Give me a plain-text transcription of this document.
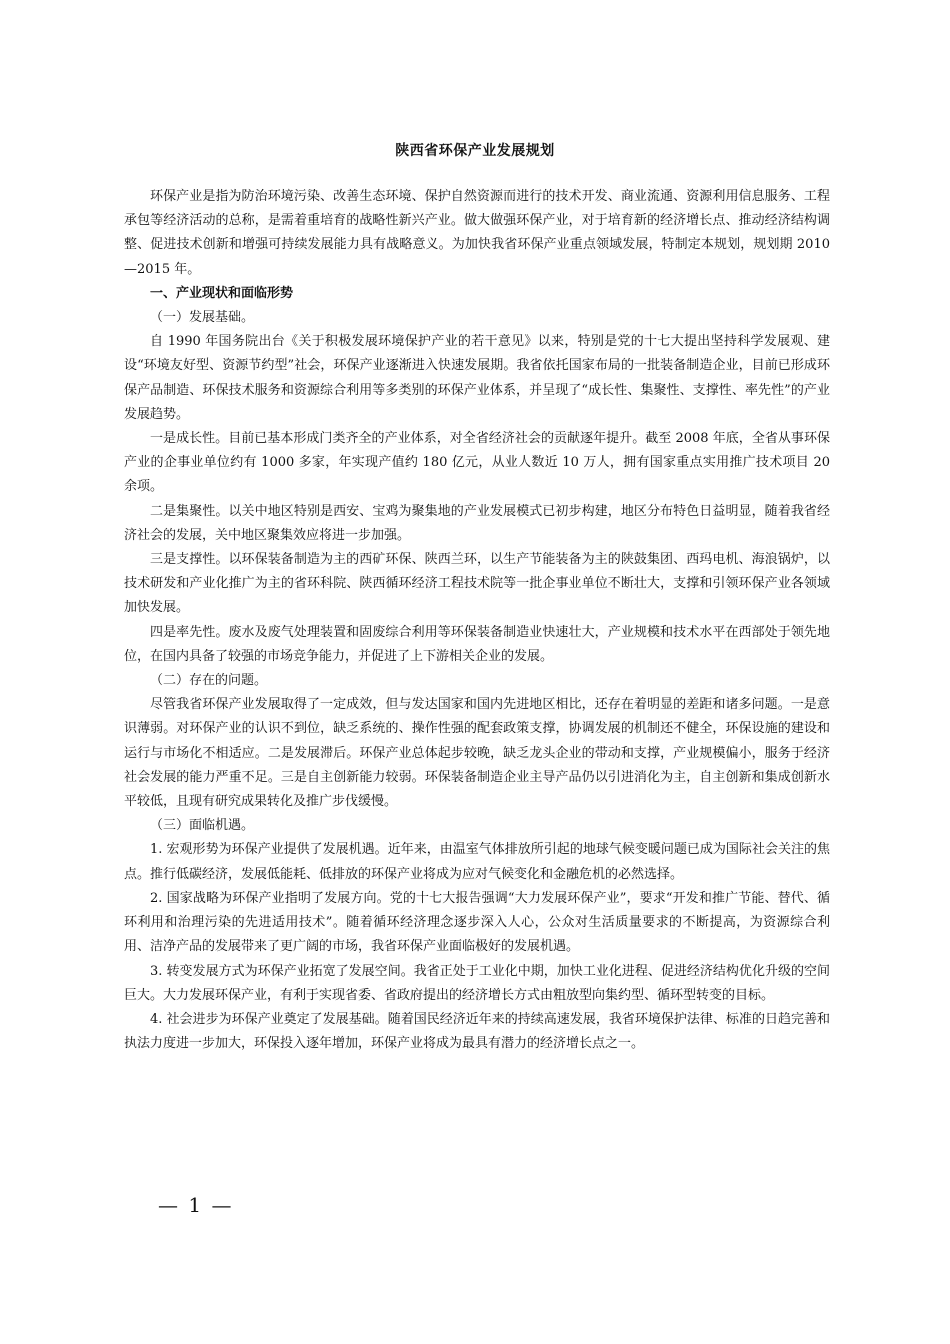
陕西省环保产业发展规划

环保产业是指为防治环境污染、改善生态环境、保护自然资源而进行的技术开发、商业流通、资源利用信息服务、工程承包等经济活动的总称，是需着重培育的战略性新兴产业。做大做强环保产业，对于培育新的经济增长点、推动经济结构调整、促进技术创新和增强可持续发展能力具有战略意义。为加快我省环保产业重点领域发展，特制定本规划，规划期 2010—2015 年。

一、产业现状和面临形势

（一）发展基础。

自 1990 年国务院出台《关于积极发展环境保护产业的若干意见》以来，特别是党的十七大提出坚持科学发展观、建设“环境友好型、资源节约型”社会，环保产业逐渐进入快速发展期。我省依托国家布局的一批装备制造企业，目前已形成环保产品制造、环保技术服务和资源综合利用等多类别的环保产业体系，并呈现了“成长性、集聚性、支撑性、率先性”的产业发展趋势。

一是成长性。目前已基本形成门类齐全的产业体系，对全省经济社会的贡献逐年提升。截至 2008 年底，全省从事环保产业的企事业单位约有 1000 多家，年实现产值约 180 亿元，从业人数近 10 万人，拥有国家重点实用推广技术项目 20 余项。

二是集聚性。以关中地区特别是西安、宝鸡为聚集地的产业发展模式已初步构建，地区分布特色日益明显，随着我省经济社会的发展，关中地区聚集效应将进一步加强。

三是支撑性。以环保装备制造为主的西矿环保、陕西兰环，以生产节能装备为主的陕鼓集团、西玛电机、海浪锅炉，以技术研发和产业化推广为主的省环科院、陕西循环经济工程技术院等一批企事业单位不断壮大，支撑和引领环保产业各领域加快发展。

四是率先性。废水及废气处理装置和固废综合利用等环保装备制造业快速壮大，产业规模和技术水平在西部处于领先地位，在国内具备了较强的市场竞争能力，并促进了上下游相关企业的发展。

（二）存在的问题。

尽管我省环保产业发展取得了一定成效，但与发达国家和国内先进地区相比，还存在着明显的差距和诸多问题。一是意识薄弱。对环保产业的认识不到位，缺乏系统的、操作性强的配套政策支撑，协调发展的机制还不健全，环保设施的建设和运行与市场化不相适应。二是发展滞后。环保产业总体起步较晚，缺乏龙头企业的带动和支撑，产业规模偏小，服务于经济社会发展的能力严重不足。三是自主创新能力较弱。环保装备制造企业主导产品仍以引进消化为主，自主创新和集成创新水平较低，且现有研究成果转化及推广步伐缓慢。

（三）面临机遇。

1. 宏观形势为环保产业提供了发展机遇。近年来，由温室气体排放所引起的地球气候变暖问题已成为国际社会关注的焦点。推行低碳经济，发展低能耗、低排放的环保产业将成为应对气候变化和金融危机的必然选择。

2. 国家战略为环保产业指明了发展方向。党的十七大报告强调“大力发展环保产业”，要求“开发和推广节能、替代、循环利用和治理污染的先进适用技术”。随着循环经济理念逐步深入人心，公众对生活质量要求的不断提高，为资源综合利用、洁净产品的发展带来了更广阔的市场，我省环保产业面临极好的发展机遇。

3. 转变发展方式为环保产业拓宽了发展空间。我省正处于工业化中期，加快工业化进程、促进经济结构优化升级的空间巨大。大力发展环保产业，有利于实现省委、省政府提出的经济增长方式由粗放型向集约型、循环型转变的目标。

4. 社会进步为环保产业奠定了发展基础。随着国民经济近年来的持续高速发展，我省环境保护法律、标准的日趋完善和执法力度进一步加大，环保投入逐年增加，环保产业将成为最具有潜力的经济增长点之一。

— 1 —
